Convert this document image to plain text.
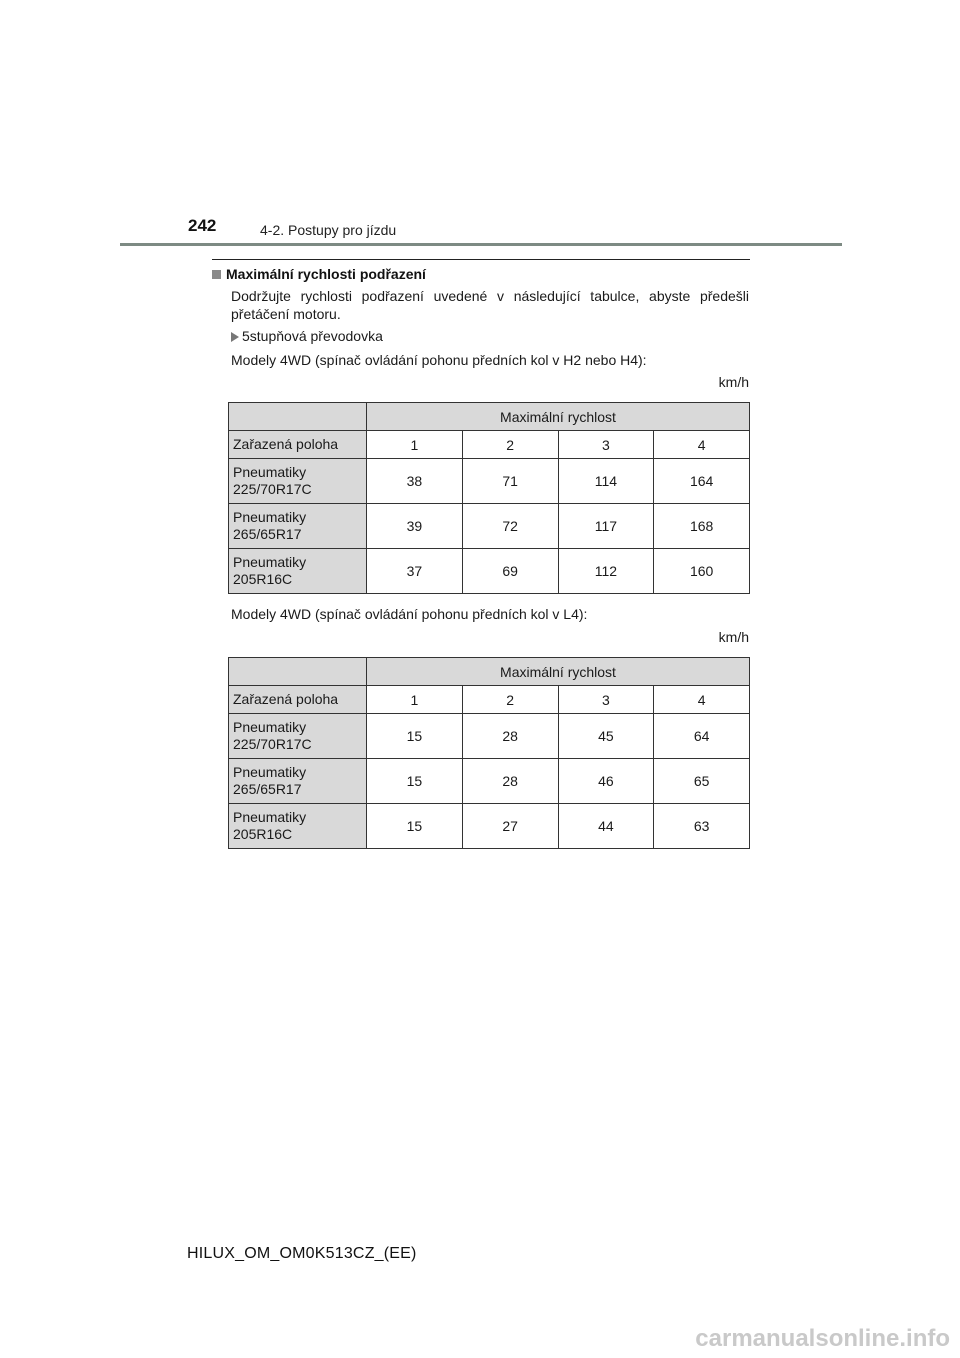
242	4-2. Postupy pro jízdu
Maximální rychlosti podřazení
Dodržujte rychlosti podřazení uvedené v následující tabulce, abyste předešli přetáčení motoru.
5stupňová převodovka
Modely 4WD (spínač ovládání pohonu předních kol v H2 nebo H4):
km/h
	Maximální rychlost			
Zařazená poloha	1	2	3	4
Pneumatiky
225/70R17C	38	71	114	164
Pneumatiky
265/65R17	39	72	117	168
Pneumatiky
205R16C	37	69	112	160
Modely 4WD (spínač ovládání pohonu předních kol v L4):
km/h
	Maximální rychlost			
Zařazená poloha	1	2	3	4
Pneumatiky
225/70R17C	15	28	45	64
Pneumatiky
265/65R17	15	28	46	65
Pneumatiky
205R16C	15	27	44	63
HILUX_OM_OM0K513CZ_(EE)
carmanualsonline.info
